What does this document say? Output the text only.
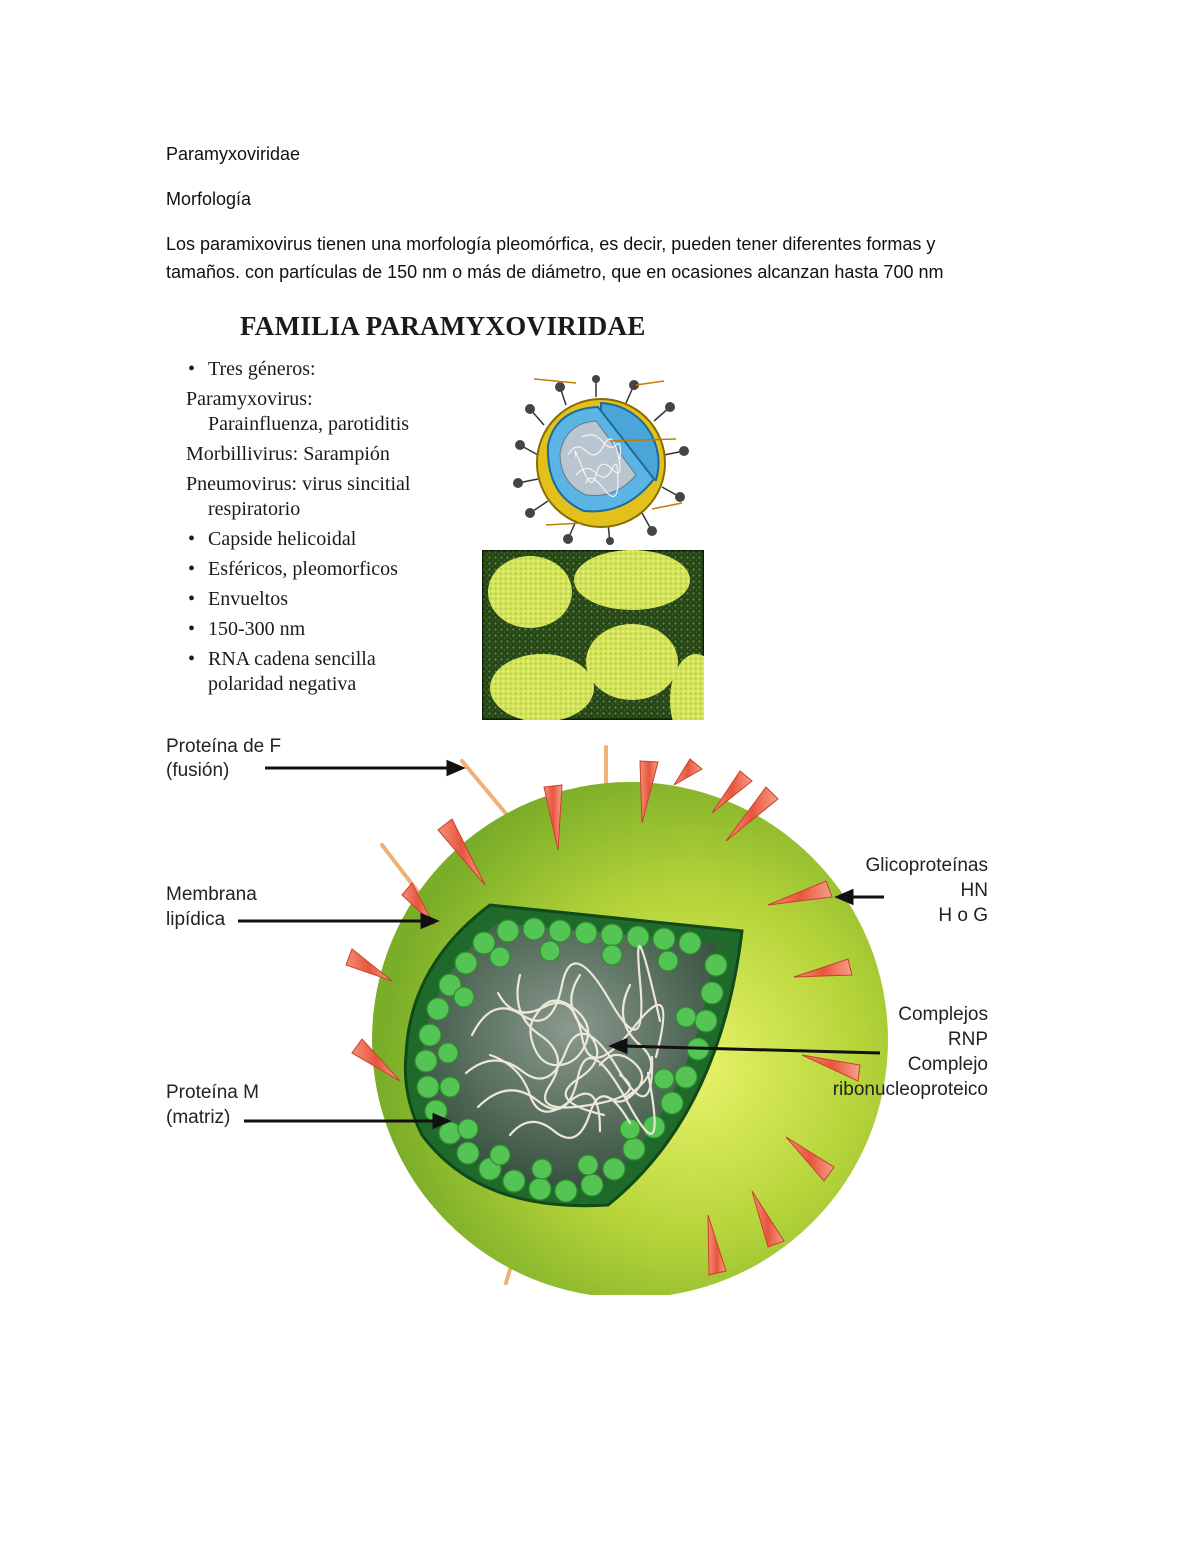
Paramyxoviridae

Morfología

Los paramixovirus tienen una morfología pleomórfica, es decir, pueden tener diferentes formas y

tamaños. con partículas de 150 nm o más de diámetro, que en ocasiones alcanzan hasta 700 nm

FAMILIA PARAMYXOVIRIDAE

• Tres géneros:

Paramyxovirus:

Parainfluenza, parotiditis

Morbillivirus: Sarampión

Pneumovirus: virus sincitial

respiratorio

• Capside helicoidal

• Esféricos, pleomorficos

• Envueltos

• 150-300 nm

• RNA cadena sencilla

polaridad negativa

Proteína de F

(fusión)

Membrana

lipídica

Proteína M

(matriz)

Glicoproteínas

HN

H o G

Complejos

RNP

Complejo

ribonucleoproteico
